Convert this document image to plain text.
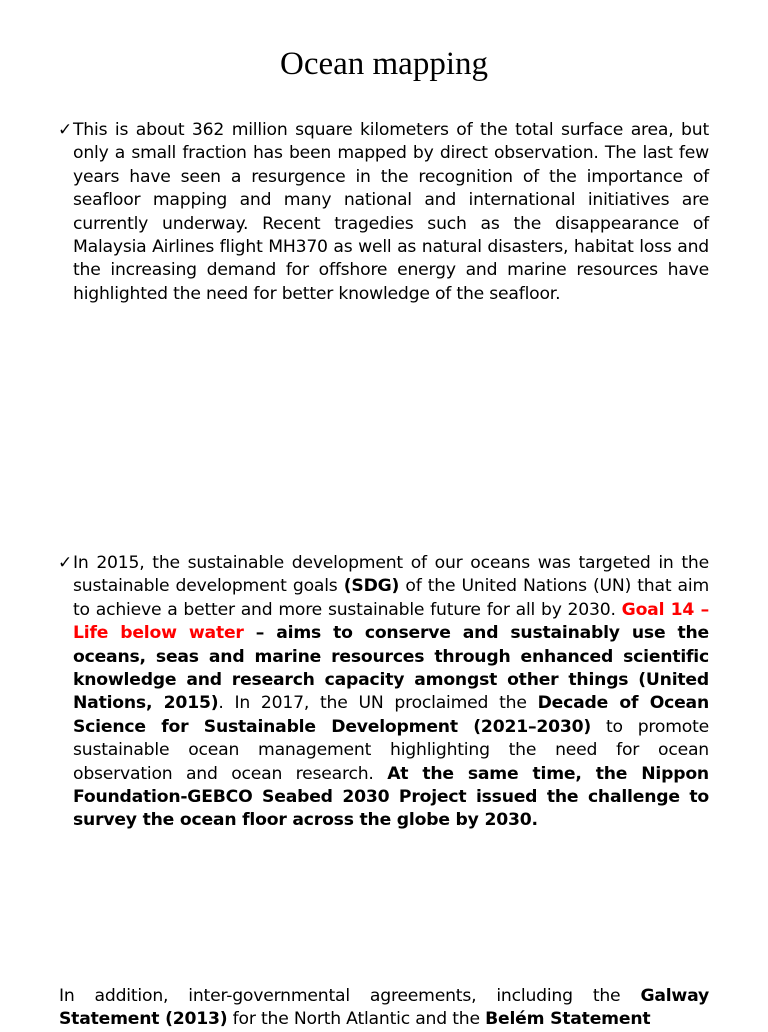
Ocean mapping
✓ This is about 362 million square kilometers of the total surface area, but only a small fraction has been mapped by direct observation. The last few years have seen a resurgence in the recognition of the importance of seafloor mapping and many national and international initiatives are currently underway. Recent tragedies such as the disappearance of Malaysia Airlines flight MH370 as well as natural disasters, habitat loss and the increasing demand for offshore energy and marine resources have highlighted the need for better knowledge of the seafloor.
✓ In 2015, the sustainable development of our oceans was targeted in the sustainable development goals (SDG) of the United Nations (UN) that aim to achieve a better and more sustainable future for all by 2030. Goal 14 – Life below water – aims to conserve and sustainably use the oceans, seas and marine resources through enhanced scientific knowledge and research capacity amongst other things (United Nations, 2015). In 2017, the UN proclaimed the Decade of Ocean Science for Sustainable Development (2021–2030) to promote sustainable ocean management highlighting the need for ocean observation and ocean research. At the same time, the Nippon Foundation-GEBCO Seabed 2030 Project issued the challenge to survey the ocean floor across the globe by 2030.
In addition, inter-governmental agreements, including the Galway Statement (2013) for the North Atlantic and the Belém Statement
